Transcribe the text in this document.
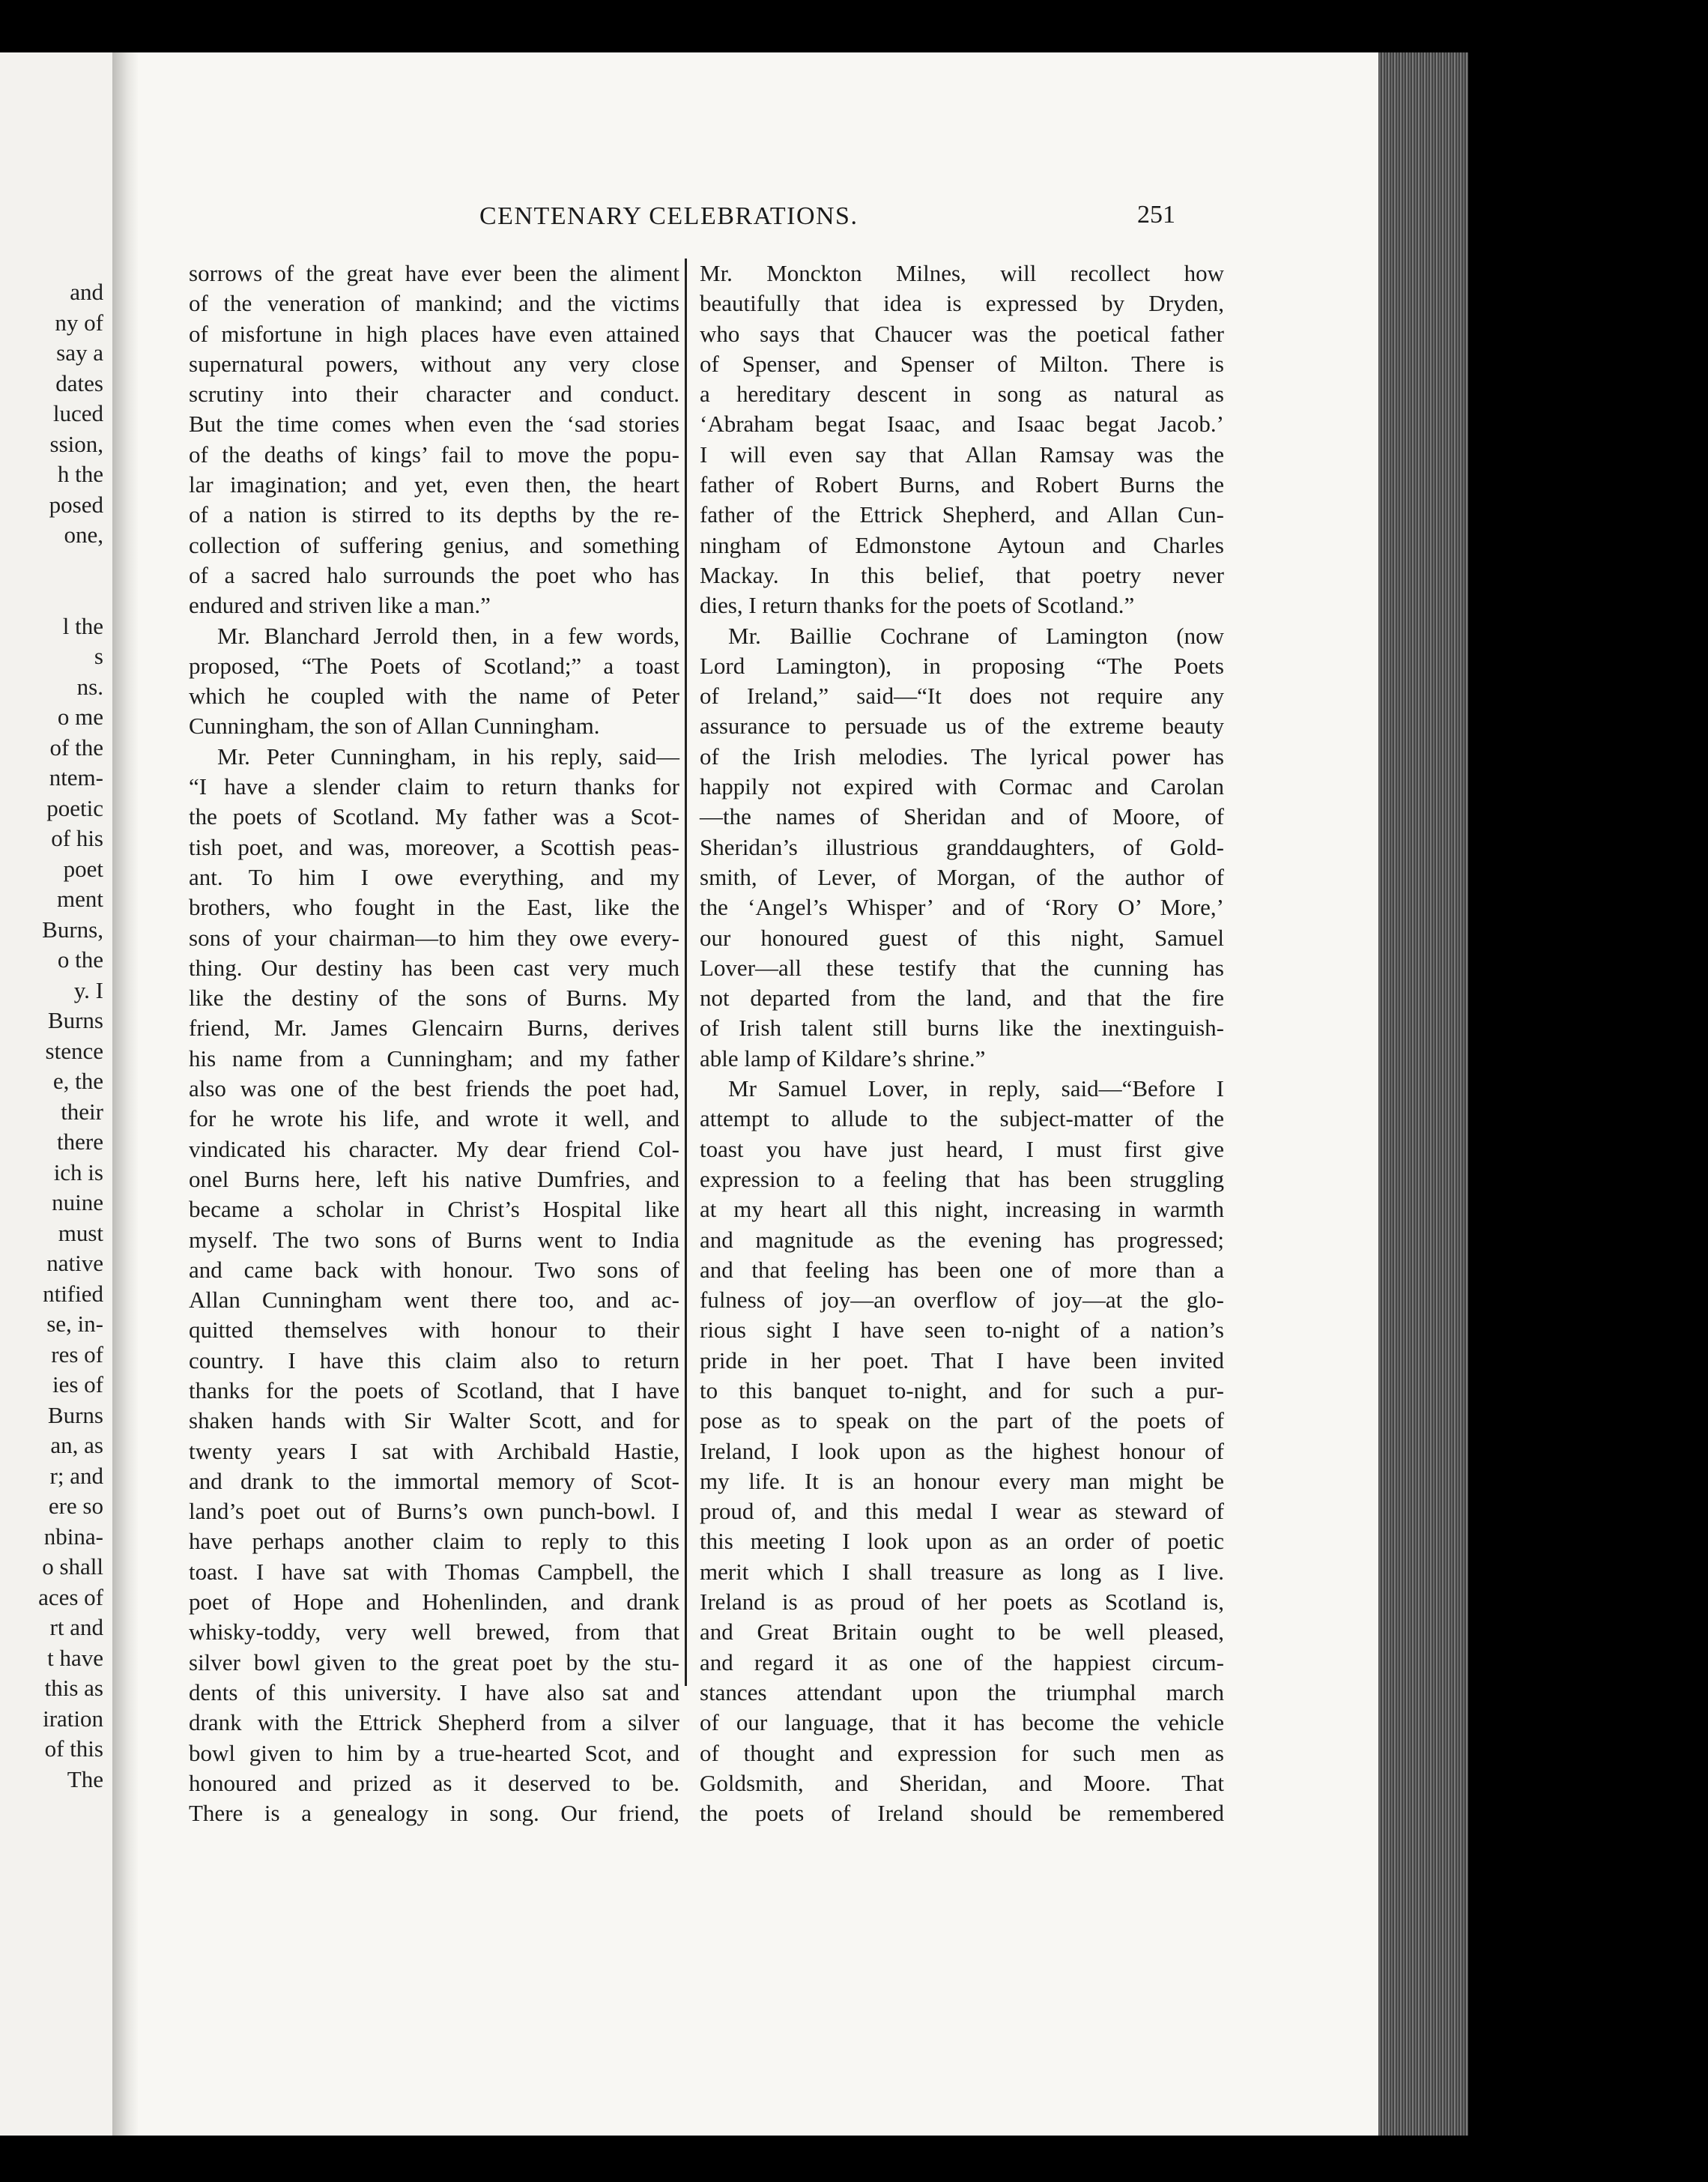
and
ny of
say a
dates
luced
ssion,
h the
posed
one,
l the
s
ns.
o me
of the
ntem-
poetic
of his
poet
ment
Burns,
o the
y. I
Burns
stence
e, the
their
there
ich is
nuine
must
native
ntified
se, in-
res of
ies of
Burns
an, as
r; and
ere so
nbina-
o shall
aces of
rt and
t have
this as
iration
of this
The
CENTENARY CELEBRATIONS.	251
sorrows of the great have ever been the aliment
of the veneration of mankind; and the victims
of misfortune in high places have even attained
supernatural powers, without any very close
scrutiny into their character and conduct.
But the time comes when even the ‘sad stories
of the deaths of kings’ fail to move the popu-
lar imagination; and yet, even then, the heart
of a nation is stirred to its depths by the re-
collection of suffering genius, and something
of a sacred halo surrounds the poet who has
endured and striven like a man.”
Mr. Blanchard Jerrold then, in a few words,
proposed, “The Poets of Scotland;” a toast
which he coupled with the name of Peter
Cunningham, the son of Allan Cunningham.
Mr. Peter Cunningham, in his reply, said—
“I have a slender claim to return thanks for
the poets of Scotland. My father was a Scot-
tish poet, and was, moreover, a Scottish peas-
ant. To him I owe everything, and my
brothers, who fought in the East, like the
sons of your chairman—to him they owe every-
thing. Our destiny has been cast very much
like the destiny of the sons of Burns. My
friend, Mr. James Glencairn Burns, derives
his name from a Cunningham; and my father
also was one of the best friends the poet had,
for he wrote his life, and wrote it well, and
vindicated his character. My dear friend Col-
onel Burns here, left his native Dumfries, and
became a scholar in Christ’s Hospital like
myself. The two sons of Burns went to India
and came back with honour. Two sons of
Allan Cunningham went there too, and ac-
quitted themselves with honour to their
country. I have this claim also to return
thanks for the poets of Scotland, that I have
shaken hands with Sir Walter Scott, and for
twenty years I sat with Archibald Hastie,
and drank to the immortal memory of Scot-
land’s poet out of Burns’s own punch-bowl. I
have perhaps another claim to reply to this
toast. I have sat with Thomas Campbell, the
poet of Hope and Hohenlinden, and drank
whisky-toddy, very well brewed, from that
silver bowl given to the great poet by the stu-
dents of this university. I have also sat and
drank with the Ettrick Shepherd from a silver
bowl given to him by a true-hearted Scot, and
honoured and prized as it deserved to be.
There is a genealogy in song. Our friend,
Mr. Monckton Milnes, will recollect how
beautifully that idea is expressed by Dryden,
who says that Chaucer was the poetical father
of Spenser, and Spenser of Milton. There is
a hereditary descent in song as natural as
‘Abraham begat Isaac, and Isaac begat Jacob.’
I will even say that Allan Ramsay was the
father of Robert Burns, and Robert Burns the
father of the Ettrick Shepherd, and Allan Cun-
ningham of Edmonstone Aytoun and Charles
Mackay. In this belief, that poetry never
dies, I return thanks for the poets of Scotland.”
Mr. Baillie Cochrane of Lamington (now
Lord Lamington), in proposing “The Poets
of Ireland,” said—“It does not require any
assurance to persuade us of the extreme beauty
of the Irish melodies. The lyrical power has
happily not expired with Cormac and Carolan
—the names of Sheridan and of Moore, of
Sheridan’s illustrious granddaughters, of Gold-
smith, of Lever, of Morgan, of the author of
the ‘Angel’s Whisper’ and of ‘Rory O’ More,’
our honoured guest of this night, Samuel
Lover—all these testify that the cunning has
not departed from the land, and that the fire
of Irish talent still burns like the inextinguish-
able lamp of Kildare’s shrine.”
Mr Samuel Lover, in reply, said—“Before I
attempt to allude to the subject-matter of the
toast you have just heard, I must first give
expression to a feeling that has been struggling
at my heart all this night, increasing in warmth
and magnitude as the evening has progressed;
and that feeling has been one of more than a
fulness of joy—an overflow of joy—at the glo-
rious sight I have seen to-night of a nation’s
pride in her poet. That I have been invited
to this banquet to-night, and for such a pur-
pose as to speak on the part of the poets of
Ireland, I look upon as the highest honour of
my life. It is an honour every man might be
proud of, and this medal I wear as steward of
this meeting I look upon as an order of poetic
merit which I shall treasure as long as I live.
Ireland is as proud of her poets as Scotland is,
and Great Britain ought to be well pleased,
and regard it as one of the happiest circum-
stances attendant upon the triumphal march
of our language, that it has become the vehicle
of thought and expression for such men as
Goldsmith, and Sheridan, and Moore. That
the poets of Ireland should be remembered
